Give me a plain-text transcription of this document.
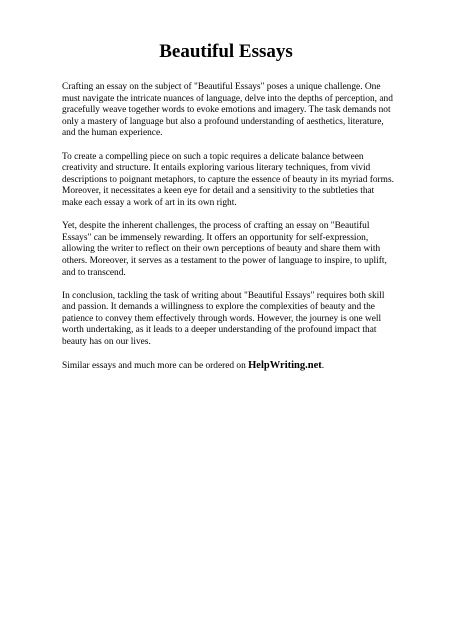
Beautiful Essays

Crafting an essay on the subject of "Beautiful Essays" poses a unique challenge. One must navigate the intricate nuances of language, delve into the depths of perception, and gracefully weave together words to evoke emotions and imagery. The task demands not only a mastery of language but also a profound understanding of aesthetics, literature, and the human experience.

To create a compelling piece on such a topic requires a delicate balance between creativity and structure. It entails exploring various literary techniques, from vivid descriptions to poignant metaphors, to capture the essence of beauty in its myriad forms. Moreover, it necessitates a keen eye for detail and a sensitivity to the subtleties that make each essay a work of art in its own right.

Yet, despite the inherent challenges, the process of crafting an essay on "Beautiful Essays" can be immensely rewarding. It offers an opportunity for self-expression, allowing the writer to reflect on their own perceptions of beauty and share them with others. Moreover, it serves as a testament to the power of language to inspire, to uplift, and to transcend.

In conclusion, tackling the task of writing about "Beautiful Essays" requires both skill and passion. It demands a willingness to explore the complexities of beauty and the patience to convey them effectively through words. However, the journey is one well worth undertaking, as it leads to a deeper understanding of the profound impact that beauty has on our lives.

Similar essays and much more can be ordered on HelpWriting.net.
